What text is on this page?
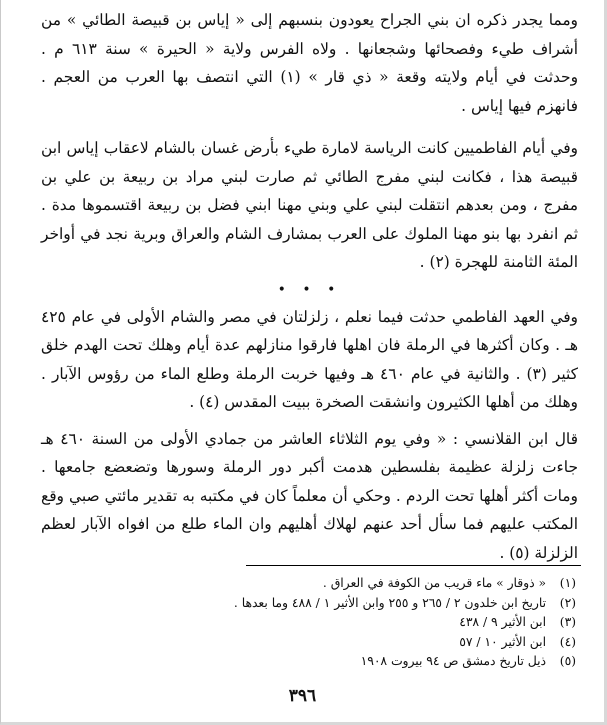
ومما يجدر ذكره ان بني الجراح يعودون بنسبهم إلى « إياس بن قبيصة الطائي » من أشراف طيء وفصحائها وشجعانها . ولاه الفرس ولاية « الحيرة » سنة ٦١٣ م . وحدثت في أيام ولايته وقعة « ذي قار » (١) التي انتصف بها العرب من العجم . فانهزم فيها إياس .

وفي أيام الفاطميين كانت الرياسة لامارة طيء بأرض غسان بالشام لاعقاب إياس ابن قبيصة هذا ، فكانت لبني مفرج الطائي ثم صارت لبني مراد بن ربيعة بن علي بن مفرج ، ومن بعدهم انتقلت لبني علي وبني مهنا ابني فضل بن ربيعة اقتسموها مدة . ثم انفرد بها بنو مهنا الملوك على العرب بمشارف الشام والعراق وبرية نجد في أواخر المئة الثامنة للهجرة (٢) .

• • •

وفي العهد الفاطمي حدثت فيما نعلم ، زلزلتان في مصر والشام الأولى في عام ٤٢٥ هـ . وكان أكثرها في الرملة فان اهلها فارقوا منازلهم عدة أيام وهلك تحت الهدم خلق كثير (٣) . والثانية في عام ٤٦٠ هـ وفيها خربت الرملة وطلع الماء من رؤوس الآبار . وهلك من أهلها الكثيرون وانشقت الصخرة ببيت المقدس (٤) .

قال ابن القلانسي : « وفي يوم الثلاثاء العاشر من جمادي الأولى من السنة ٤٦٠ هـ جاءت زلزلة عظيمة بفلسطين هدمت أكبر دور الرملة وسورها وتضعضع جامعها . ومات أكثر أهلها تحت الردم . وحكي أن معلماً كان في مكتبه به تقدير مائتي صبي وقع المكتب عليهم فما سأل أحد عنهم لهلاك أهليهم وان الماء طلع من افواه الآبار لعظم الزلزلة (٥) .

(١)
« ذوقار » ماء قريب من الكوفة في العراق .
(٢)
تاريخ ابن خلدون ٢ / ٢٦٥ و ٢٥٥ وابن الأثير ١ / ٤٨٨ وما بعدها .
(٣)
ابن الأثير ٩ / ٤٣٨
(٤)
ابن الأثير ١٠ / ٥٧
(٥)
ذيل تاريخ دمشق ص ٩٤ بيروت ١٩٠٨
٣٩٦
